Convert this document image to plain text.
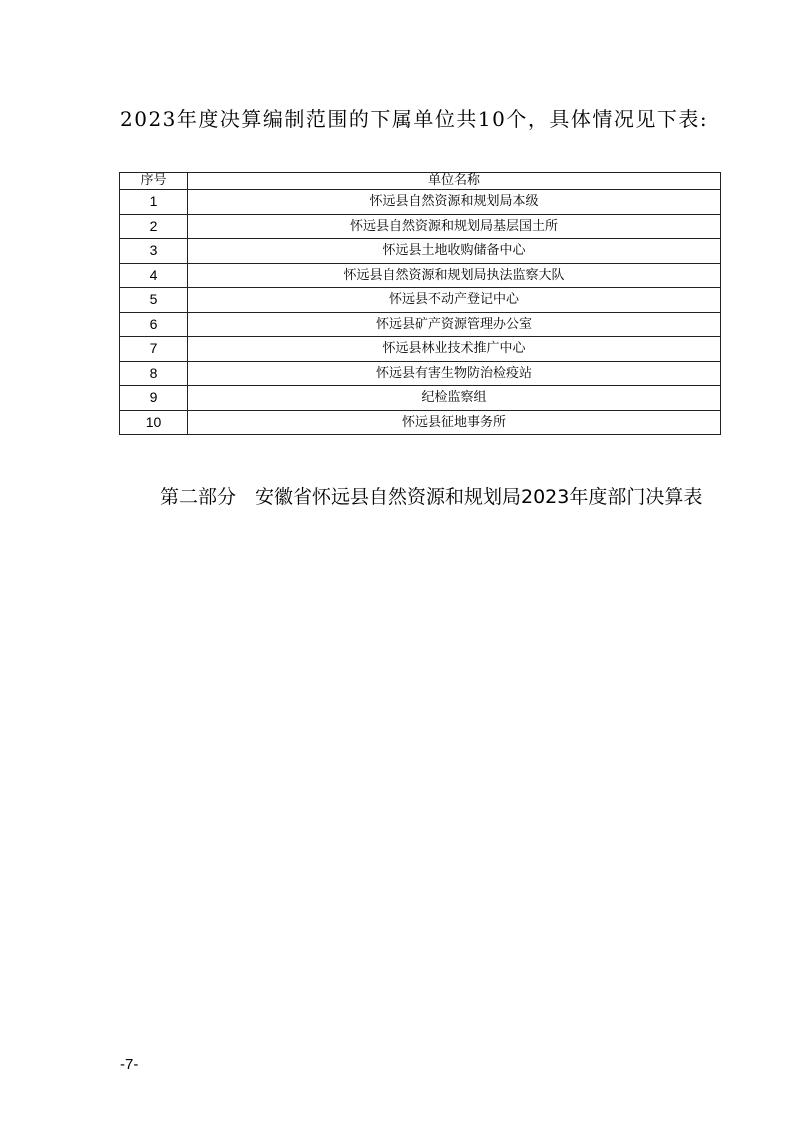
2023年度决算编制范围的下属单位共10个，具体情况见下表:

序号	单位名称
1	怀远县自然资源和规划局本级
2	怀远县自然资源和规划局基层国土所
3	怀远县土地收购储备中心
4	怀远县自然资源和规划局执法监察大队
5	怀远县不动产登记中心
6	怀远县矿产资源管理办公室
7	怀远县林业技术推广中心
8	怀远县有害生物防治检疫站
9	纪检监察组
10	怀远县征地事务所

第二部分　安徽省怀远县自然资源和规划局2023年度部门决算表

-7-
